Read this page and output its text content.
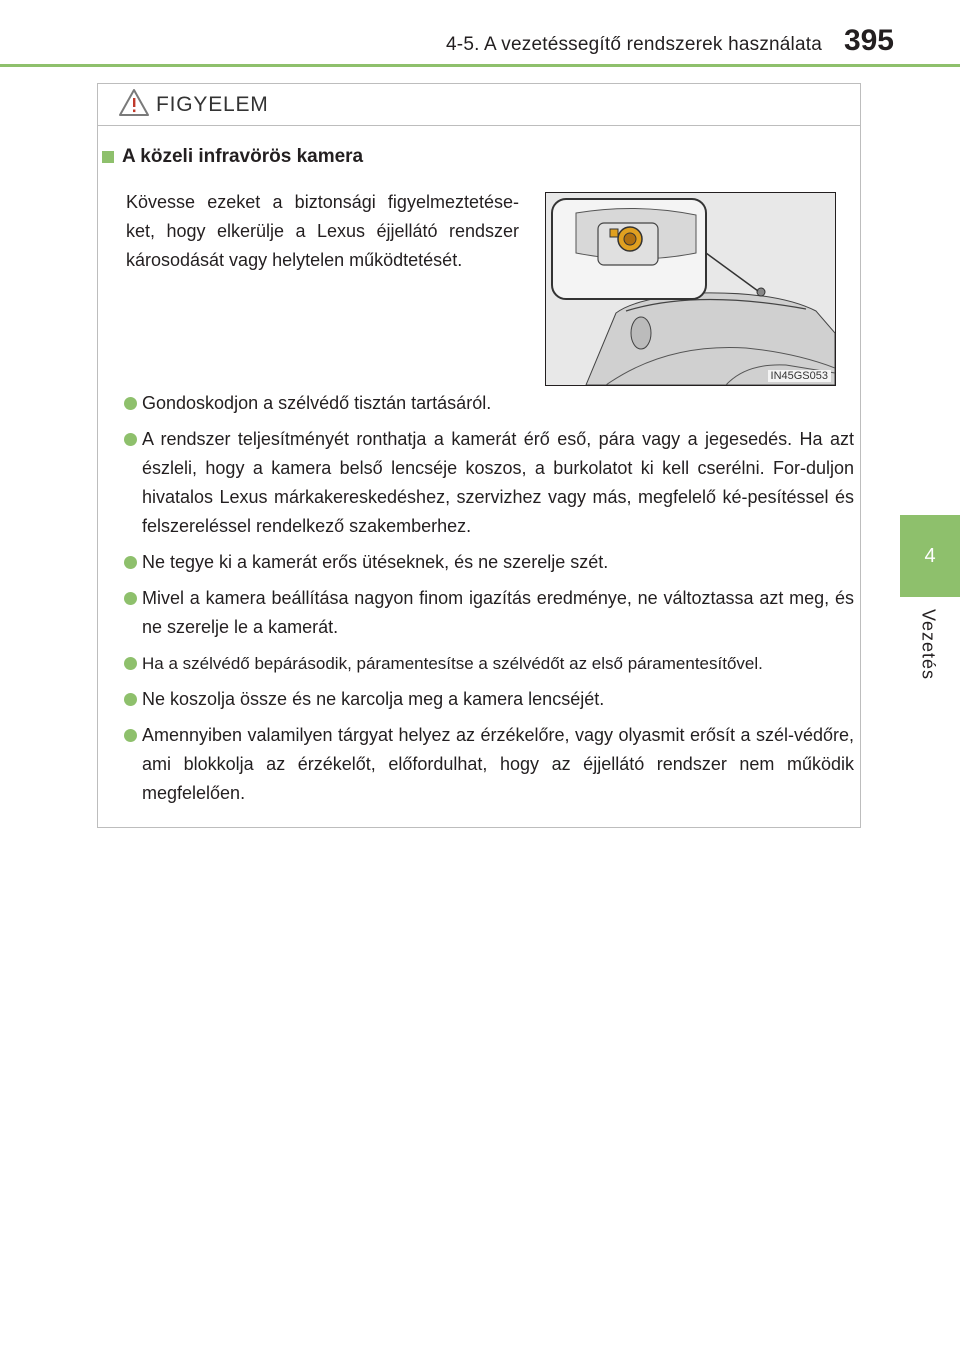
4-5. A vezetéssegítő rendszerek használata 395
4
Vezetés
FIGYELEM
A közeli infravörös kamera
Kövesse ezeket a biztonsági figyelmeztetése-ket, hogy elkerülje a Lexus éjjellátó rendszer károsodását vagy helytelen működtetését.
IN45GS053
Gondoskodjon a szélvédő tisztán tartásáról.
A rendszer teljesítményét ronthatja a kamerát érő eső, pára vagy a jegesedés. Ha azt észleli, hogy a kamera belső lencséje koszos, a burkolatot ki kell cserélni. For-duljon hivatalos Lexus márkakereskedéshez, szervizhez vagy más, megfelelő ké-pesítéssel és felszereléssel rendelkező szakemberhez.
Ne tegye ki a kamerát erős ütéseknek, és ne szerelje szét.
Mivel a kamera beállítása nagyon finom igazítás eredménye, ne változtassa azt meg, és ne szerelje le a kamerát.
Ha a szélvédő bepárásodik, páramentesítse a szélvédőt az első páramentesítővel.
Ne koszolja össze és ne karcolja meg a kamera lencséjét.
Amennyiben valamilyen tárgyat helyez az érzékelőre, vagy olyasmit erősít a szél-védőre, ami blokkolja az érzékelőt, előfordulhat, hogy az éjjellátó rendszer nem működik megfelelően.
